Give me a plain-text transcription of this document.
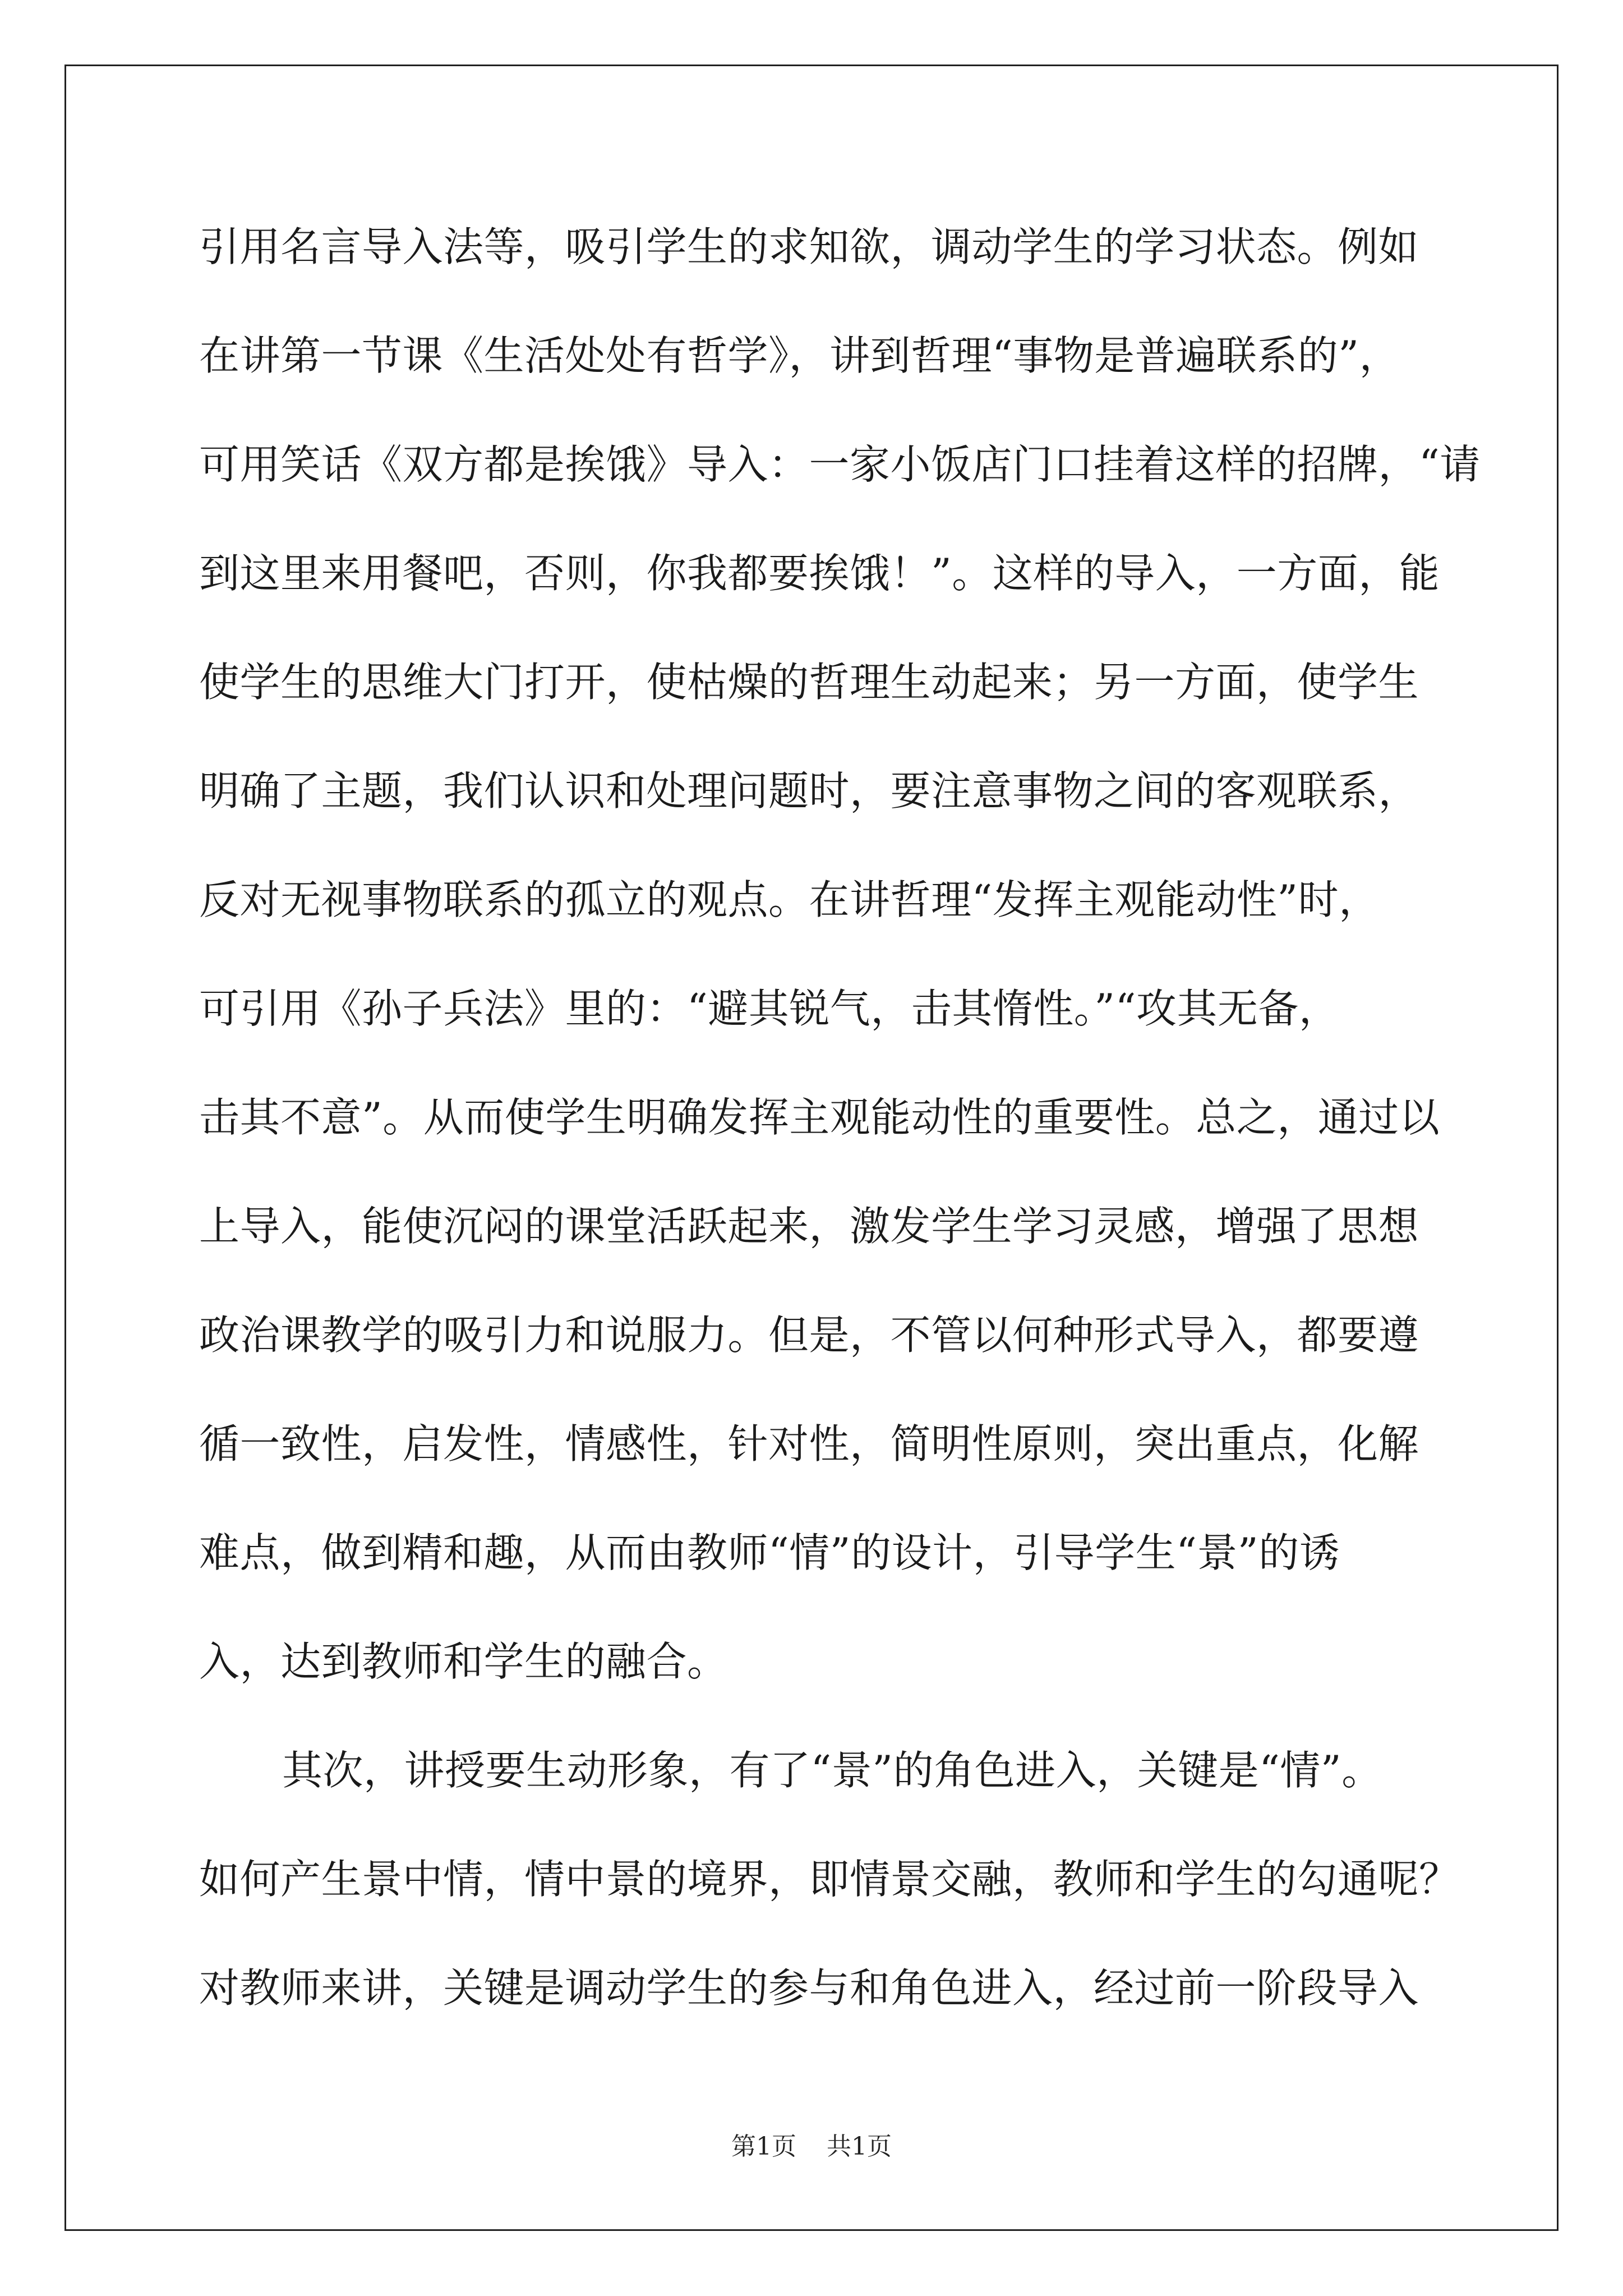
引用名言导入法等，吸引学生的求知欲，调动学生的学习状态。例如
在讲第一节课《生活处处有哲学》，讲到哲理“事物是普遍联系的”，
可用笑话《双方都是挨饿》导入：一家小饭店门口挂着这样的招牌，“请
到这里来用餐吧，否则，你我都要挨饿！”。这样的导入，一方面，能
使学生的思维大门打开，使枯燥的哲理生动起来；另一方面，使学生
明确了主题，我们认识和处理问题时，要注意事物之间的客观联系，
反对无视事物联系的孤立的观点。在讲哲理“发挥主观能动性”时，
可引用《孙子兵法》里的：“避其锐气，击其惰性。”“攻其无备，
击其不意”。从而使学生明确发挥主观能动性的重要性。总之，通过以
上导入，能使沉闷的课堂活跃起来，激发学生学习灵感，增强了思想
政治课教学的吸引力和说服力。但是，不管以何种形式导入，都要遵
循一致性，启发性，情感性，针对性，简明性原则，突出重点，化解
难点，做到精和趣，从而由教师“情”的设计，引导学生“景”的诱
入，达到教师和学生的融合。
其次，讲授要生动形象，有了“景”的角色进入，关键是“情”。
如何产生景中情，情中景的境界，即情景交融，教师和学生的勾通呢？
对教师来讲，关键是调动学生的参与和角色进入，经过前一阶段导入
第1页 共1页
